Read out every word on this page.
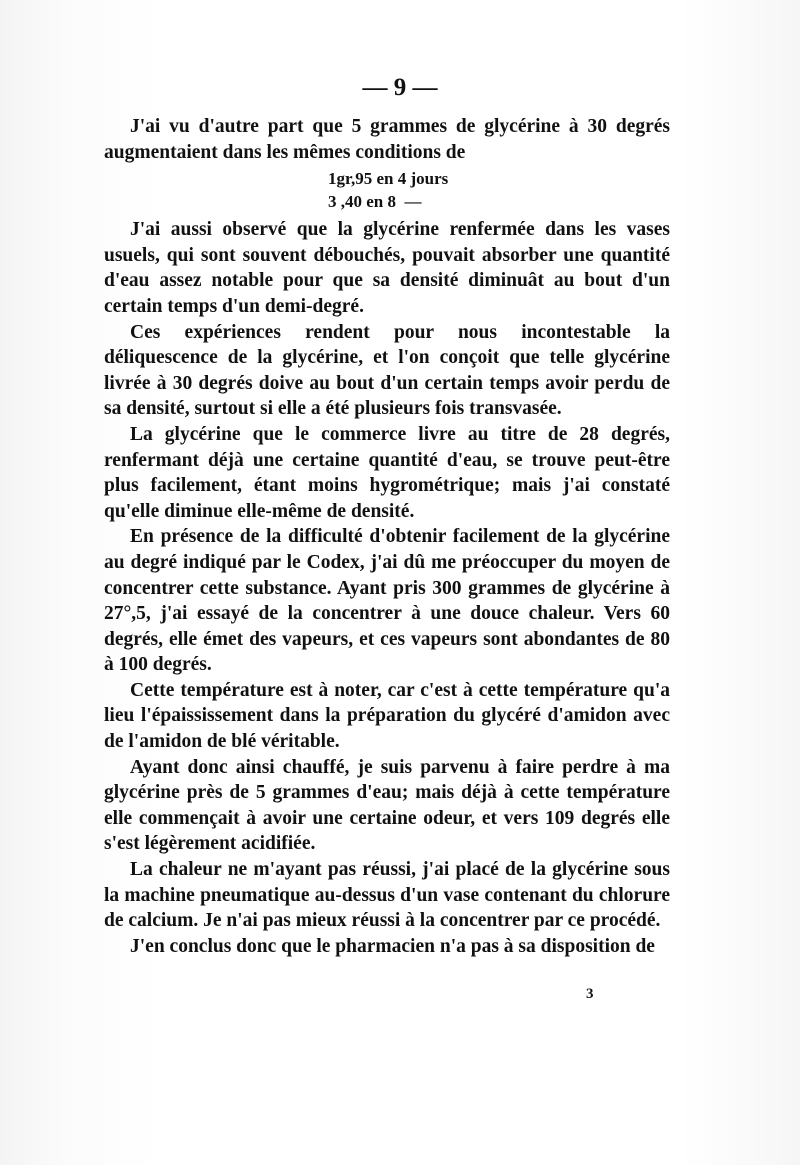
— 9 —

J'ai vu d'autre part que 5 grammes de glycérine à 30 degrés augmentaient dans les mêmes conditions de

1gr,95 en 4 jours
3 ,40 en 8  —

J'ai aussi observé que la glycérine renfermée dans les vases usuels, qui sont souvent débouchés, pouvait absorber une quantité d'eau assez notable pour que sa densité diminuât au bout d'un certain temps d'un demi-degré.

Ces expériences rendent pour nous incontestable la déliquescence de la glycérine, et l'on conçoit que telle glycérine livrée à 30 degrés doive au bout d'un certain temps avoir perdu de sa densité, surtout si elle a été plusieurs fois transvasée.

La glycérine que le commerce livre au titre de 28 degrés, renfermant déjà une certaine quantité d'eau, se trouve peut-être plus facilement, étant moins hygrométrique; mais j'ai constaté qu'elle diminue elle-même de densité.

En présence de la difficulté d'obtenir facilement de la glycérine au degré indiqué par le Codex, j'ai dû me préoccuper du moyen de concentrer cette substance. Ayant pris 300 grammes de glycérine à 27°,5, j'ai essayé de la concentrer à une douce chaleur. Vers 60 degrés, elle émet des vapeurs, et ces vapeurs sont abondantes de 80 à 100 degrés.

Cette température est à noter, car c'est à cette température qu'a lieu l'épaississement dans la préparation du glycéré d'amidon avec de l'amidon de blé véritable.

Ayant donc ainsi chauffé, je suis parvenu à faire perdre à ma glycérine près de 5 grammes d'eau; mais déjà à cette température elle commençait à avoir une certaine odeur, et vers 109 degrés elle s'est légèrement acidifiée.

La chaleur ne m'ayant pas réussi, j'ai placé de la glycérine sous la machine pneumatique au-dessus d'un vase contenant du chlorure de calcium. Je n'ai pas mieux réussi à la concentrer par ce procédé.

J'en conclus donc que le pharmacien n'a pas à sa disposition de

3
